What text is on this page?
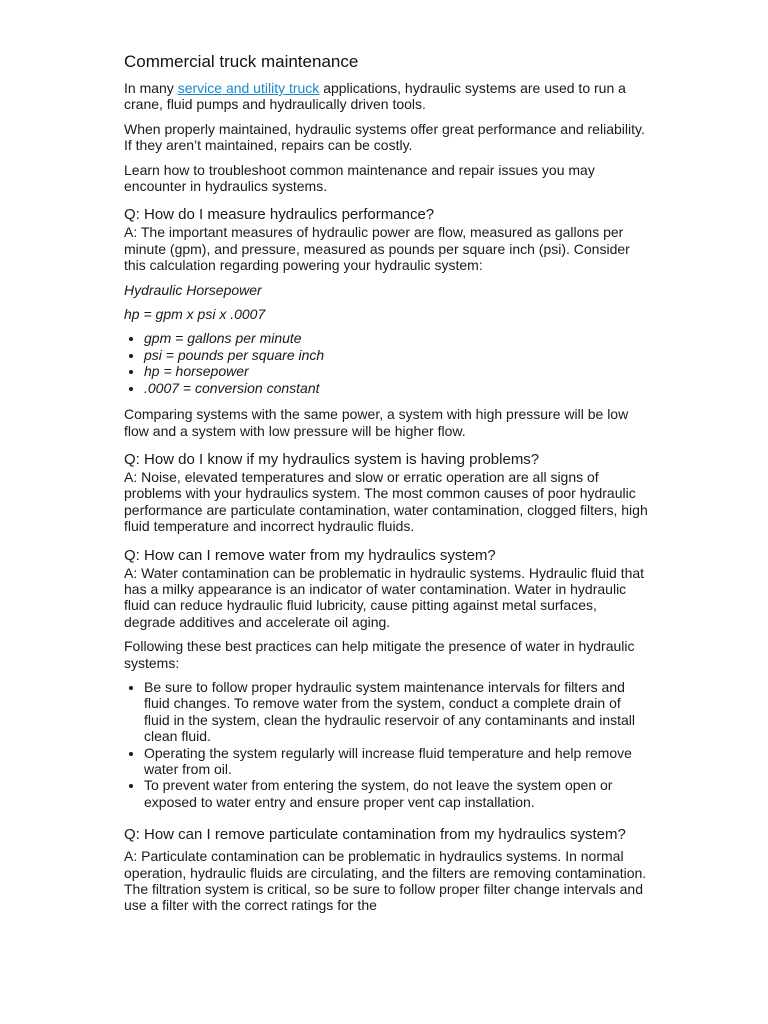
Commercial truck maintenance

In many service and utility truck applications, hydraulic systems are used to run a crane, fluid pumps and hydraulically driven tools.

When properly maintained, hydraulic systems offer great performance and reliability. If they aren’t maintained, repairs can be costly.

Learn how to troubleshoot common maintenance and repair issues you may encounter in hydraulics systems.

Q: How do I measure hydraulics performance?

A: The important measures of hydraulic power are flow, measured as gallons per minute (gpm), and pressure, measured as pounds per square inch (psi). Consider this calculation regarding powering your hydraulic system:

Hydraulic Horsepower

hp = gpm x psi x .0007

• gpm = gallons per minute
• psi = pounds per square inch
• hp = horsepower
• .0007 = conversion constant

Comparing systems with the same power, a system with high pressure will be low flow and a system with low pressure will be higher flow.

Q: How do I know if my hydraulics system is having problems?

A: Noise, elevated temperatures and slow or erratic operation are all signs of problems with your hydraulics system. The most common causes of poor hydraulic performance are particulate contamination, water contamination, clogged filters, high fluid temperature and incorrect hydraulic fluids.

Q: How can I remove water from my hydraulics system?

A: Water contamination can be problematic in hydraulic systems. Hydraulic fluid that has a milky appearance is an indicator of water contamination. Water in hydraulic fluid can reduce hydraulic fluid lubricity, cause pitting against metal surfaces, degrade additives and accelerate oil aging.

Following these best practices can help mitigate the presence of water in hydraulic systems:

• Be sure to follow proper hydraulic system maintenance intervals for filters and fluid changes. To remove water from the system, conduct a complete drain of fluid in the system, clean the hydraulic reservoir of any contaminants and install clean fluid.
• Operating the system regularly will increase fluid temperature and help remove water from oil.
• To prevent water from entering the system, do not leave the system open or exposed to water entry and ensure proper vent cap installation.
Q: How can I remove particulate contamination from my hydraulics system?

A: Particulate contamination can be problematic in hydraulics systems. In normal operation, hydraulic fluids are circulating, and the filters are removing contamination. The filtration system is critical, so be sure to follow proper filter change intervals and use a filter with the correct ratings for the
